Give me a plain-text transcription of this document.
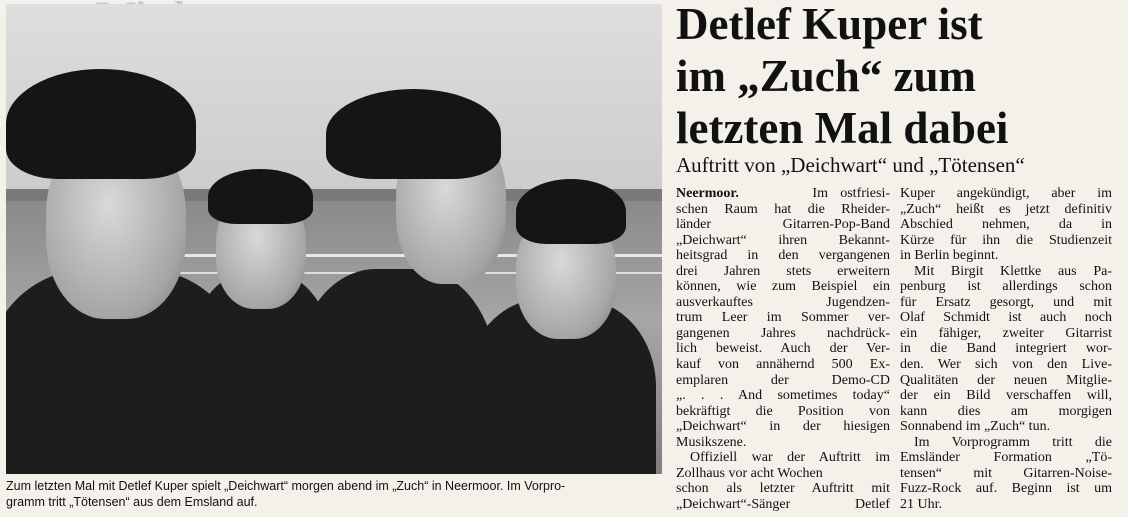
Zum letzten Mal mit Detlef Kuper spielt „Deichwart“ morgen abend im „Zuch“ in Neermoor. Im Vorpro-
gramm tritt „Tötensen“ aus dem Emsland auf.
Detlef Kuper ist
im „Zuch“ zum
letzten Mal dabei
Auftritt von „Deichwart“ und „Tötensen“
Neermoor.	Im ostfriesi-
schen Raum hat die Rheider-
länder Gitarren-Pop-Band
„Deichwart“ ihren Bekannt-
heitsgrad in den vergangenen
drei Jahren stets erweitern
können, wie zum Beispiel ein
ausverkauftes Jugendzen-
trum Leer im Sommer ver-
gangenen Jahres nachdrück-
lich beweist. Auch der Ver-
kauf von annähernd 500 Ex-
emplaren der Demo-CD
„. . . And sometimes today“
bekräftigt die Position von
„Deichwart“ in der hiesigen
Musikszene.
Offiziell war der Auftritt im
Zollhaus vor acht Wochen
schon als letzter Auftritt mit
„Deichwart“-Sänger Detlef
Kuper angekündigt, aber im
„Zuch“ heißt es jetzt definitiv
Abschied nehmen, da in
Kürze für ihn die Studienzeit
in Berlin beginnt.
Mit Birgit Klettke aus Pa-
penburg ist allerdings schon
für Ersatz gesorgt, und mit
Olaf Schmidt ist auch noch
ein fähiger, zweiter Gitarrist
in die Band integriert wor-
den. Wer sich von den Live-
Qualitäten der neuen Mitglie-
der ein Bild verschaffen will,
kann dies am morgigen
Sonnabend im „Zuch“ tun.
Im Vorprogramm tritt die
Emsländer Formation „Tö-
tensen“ mit Gitarren-Noise-
Fuzz-Rock auf. Beginn ist um
21 Uhr.
